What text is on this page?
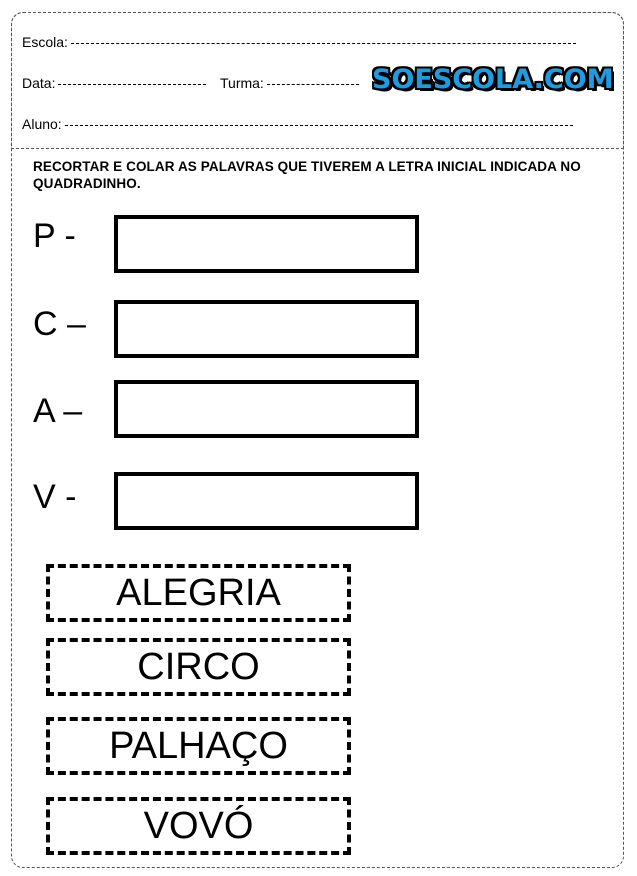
Escola:
Data:	Turma:	SOESCOLA.COM
Aluno:
RECORTAR E COLAR AS PALAVRAS QUE TIVEREM A LETRA INICIAL INDICADA NO QUADRADINHO.
P -
C –
A –
V -
ALEGRIA
CIRCO
PALHAÇO
VOVÓ
